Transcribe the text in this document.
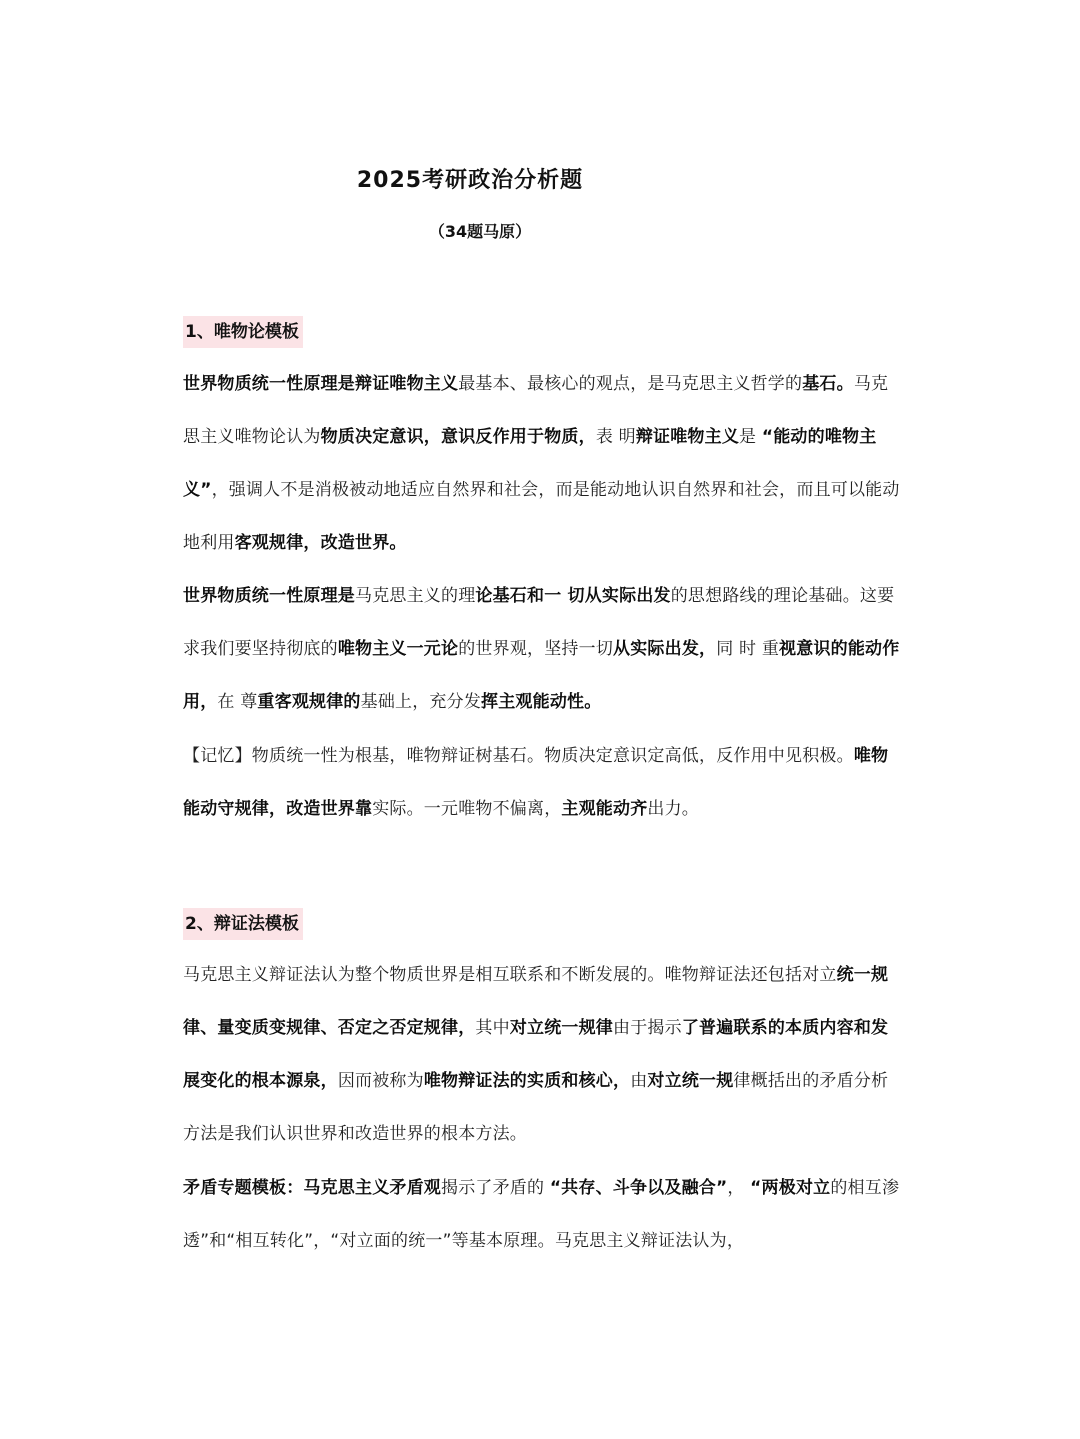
2025考研政治分析题
（34题马原）
1、唯物论模板

世界物质统一性原理是辩证唯物主义最基本、最核心的观点，是马克思主义哲学的基石。马克思主义唯物论认为物质决定意识，意识反作用于物质，表 明辩证唯物主义是 “能动的唯物主义”，强调人不是消极被动地适应自然界和社会，而是能动地认识自然界和社会，而且可以能动地利用客观规律，改造世界。

世界物质统一性原理是马克思主义的理论基石和一 切从实际出发的思想路线的理论基础。这要求我们要坚持彻底的唯物主义一元论的世界观，坚持一切从实际出发，同 时 重视意识的能动作用，在 尊重客观规律的基础上，充分发挥主观能动性。

【记忆】物质统一性为根基，唯物辩证树基石。物质决定意识定高低，反作用中见积极。唯物能动守规律，改造世界靠实际。一元唯物不偏离，主观能动齐出力。

2、辩证法模板

马克思主义辩证法认为整个物质世界是相互联系和不断发展的。唯物辩证法还包括对立统一规律、量变质变规律、否定之否定规律，其中对立统一规律由于揭示了普遍联系的本质内容和发展变化的根本源泉，因而被称为唯物辩证法的实质和核心，由对立统一规律概括出的矛盾分析方法是我们认识世界和改造世界的根本方法。

矛盾专题模板：马克思主义矛盾观揭示了矛盾的 “共存、斗争以及融合”， “两极对立的相互渗透”和“相互转化”，“对立面的统一”等基本原理。马克思主义辩证法认为，
